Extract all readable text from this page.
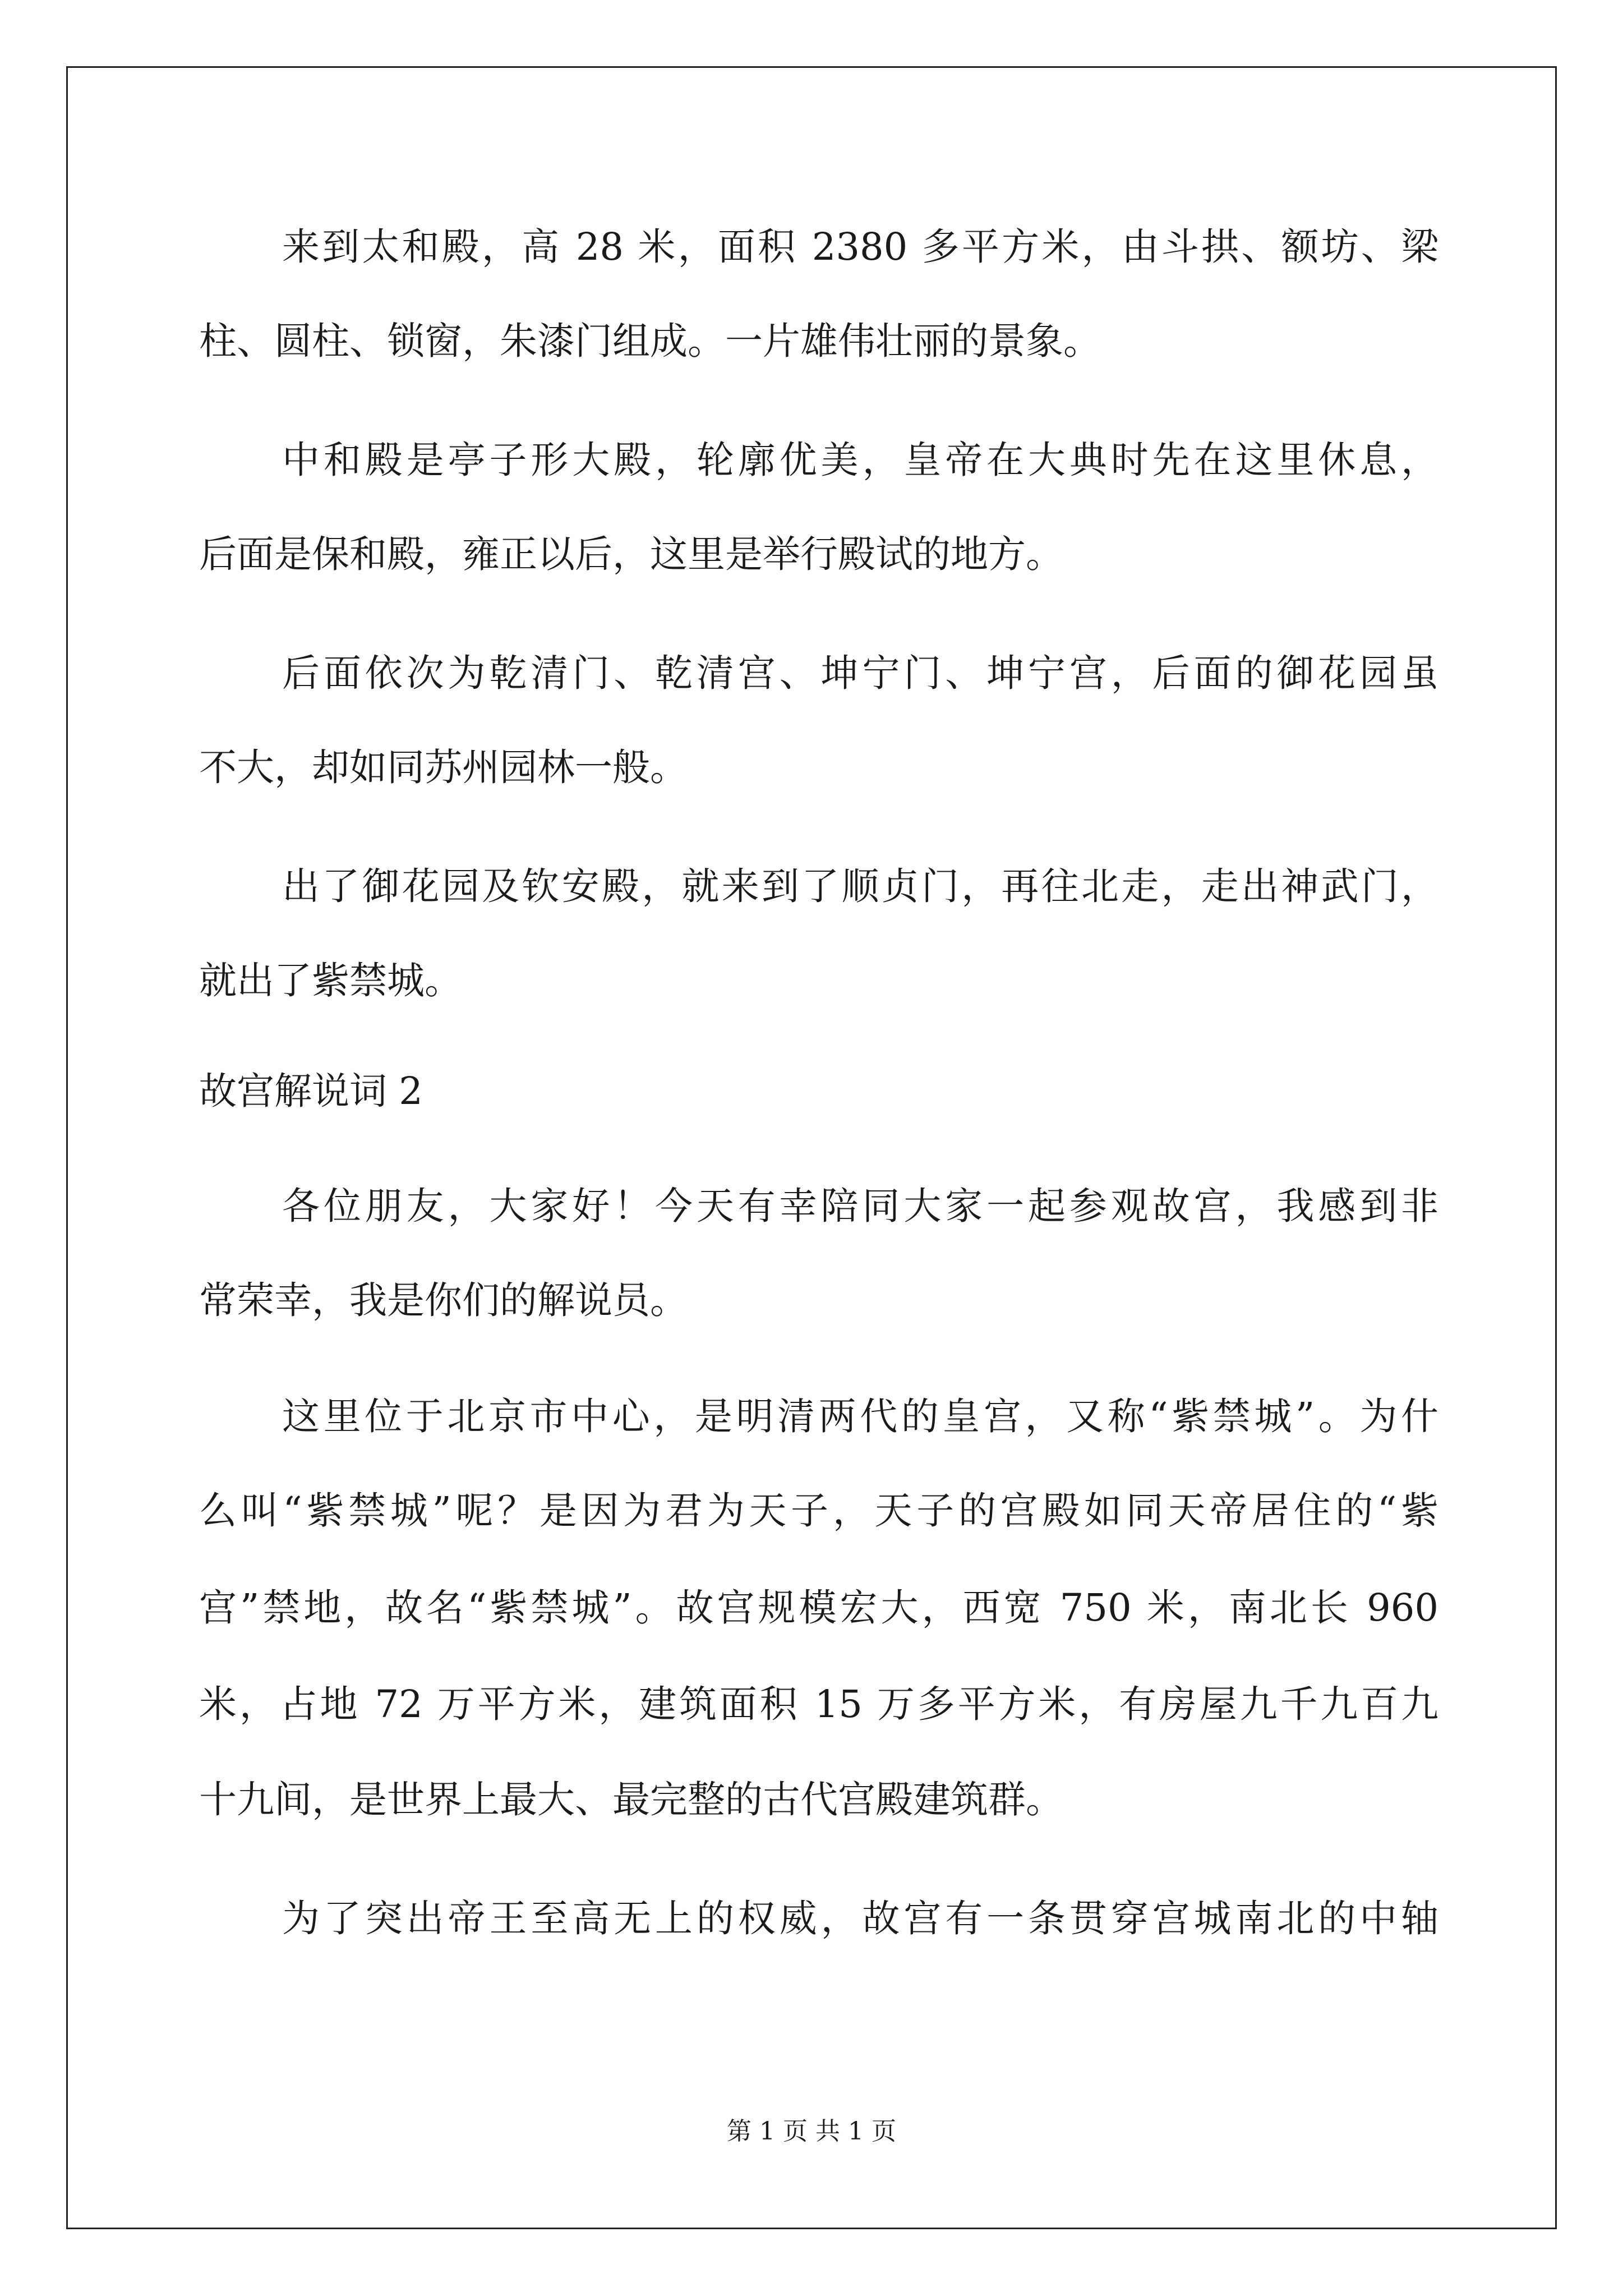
来到太和殿，高 28 米，面积 2380 多平方米，由斗拱、额坊、梁
柱、圆柱、锁窗，朱漆门组成。一片雄伟壮丽的景象。
中和殿是亭子形大殿，轮廓优美，皇帝在大典时先在这里休息，
后面是保和殿，雍正以后，这里是举行殿试的地方。
后面依次为乾清门、乾清宫、坤宁门、坤宁宫，后面的御花园虽
不大，却如同苏州园林一般。
出了御花园及钦安殿，就来到了顺贞门，再往北走，走出神武门，
就出了紫禁城。
故宫解说词 2
各位朋友，大家好！今天有幸陪同大家一起参观故宫，我感到非
常荣幸，我是你们的解说员。
这里位于北京市中心，是明清两代的皇宫，又称“紫禁城”。为什
么叫“紫禁城”呢？是因为君为天子，天子的宫殿如同天帝居住的“紫
宫”禁地，故名“紫禁城”。故宫规模宏大，西宽 750 米，南北长 960
米，占地 72 万平方米，建筑面积 15 万多平方米，有房屋九千九百九
十九间，是世界上最大、最完整的古代宫殿建筑群。
为了突出帝王至高无上的权威，故宫有一条贯穿宫城南北的中轴
第 1 页 共 1 页
